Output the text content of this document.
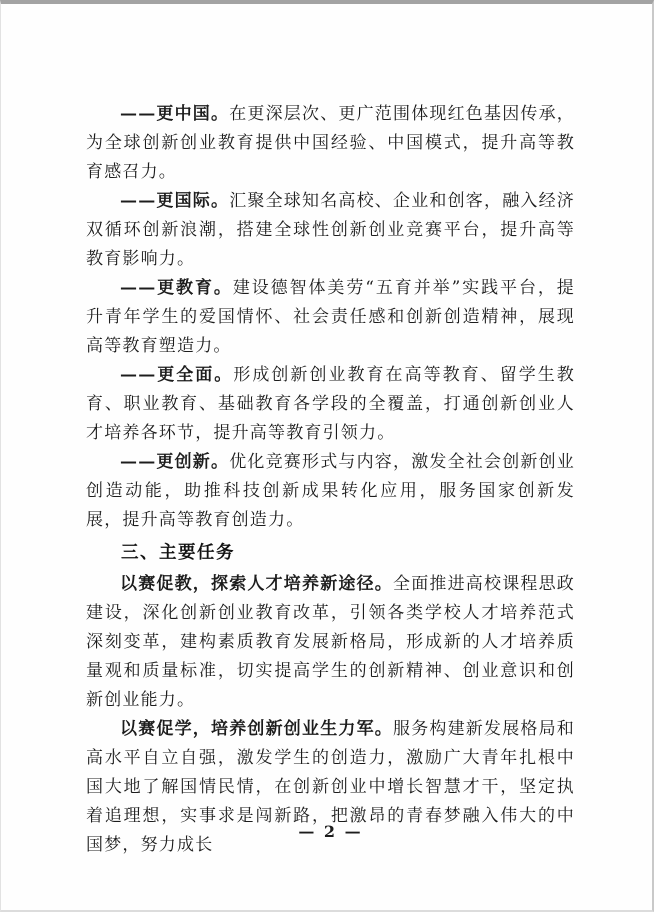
——更中国。在更深层次、更广范围体现红色基因传承，为全球创新创业教育提供中国经验、中国模式，提升高等教育感召力。

——更国际。汇聚全球知名高校、企业和创客，融入经济双循环创新浪潮，搭建全球性创新创业竞赛平台，提升高等教育影响力。

——更教育。建设德智体美劳“五育并举”实践平台，提升青年学生的爱国情怀、社会责任感和创新创造精神，展现高等教育塑造力。

——更全面。形成创新创业教育在高等教育、留学生教育、职业教育、基础教育各学段的全覆盖，打通创新创业人才培养各环节，提升高等教育引领力。

——更创新。优化竞赛形式与内容，激发全社会创新创业创造动能，助推科技创新成果转化应用，服务国家创新发展，提升高等教育创造力。

三、主要任务

以赛促教，探索人才培养新途径。全面推进高校课程思政建设，深化创新创业教育改革，引领各类学校人才培养范式深刻变革，建构素质教育发展新格局，形成新的人才培养质量观和质量标准，切实提高学生的创新精神、创业意识和创新创业能力。

以赛促学，培养创新创业生力军。服务构建新发展格局和高水平自立自强，激发学生的创造力，激励广大青年扎根中国大地了解国情民情，在创新创业中增长智慧才干，坚定执着追理想，实事求是闯新路，把激昂的青春梦融入伟大的中国梦，努力成长

— 2 —
